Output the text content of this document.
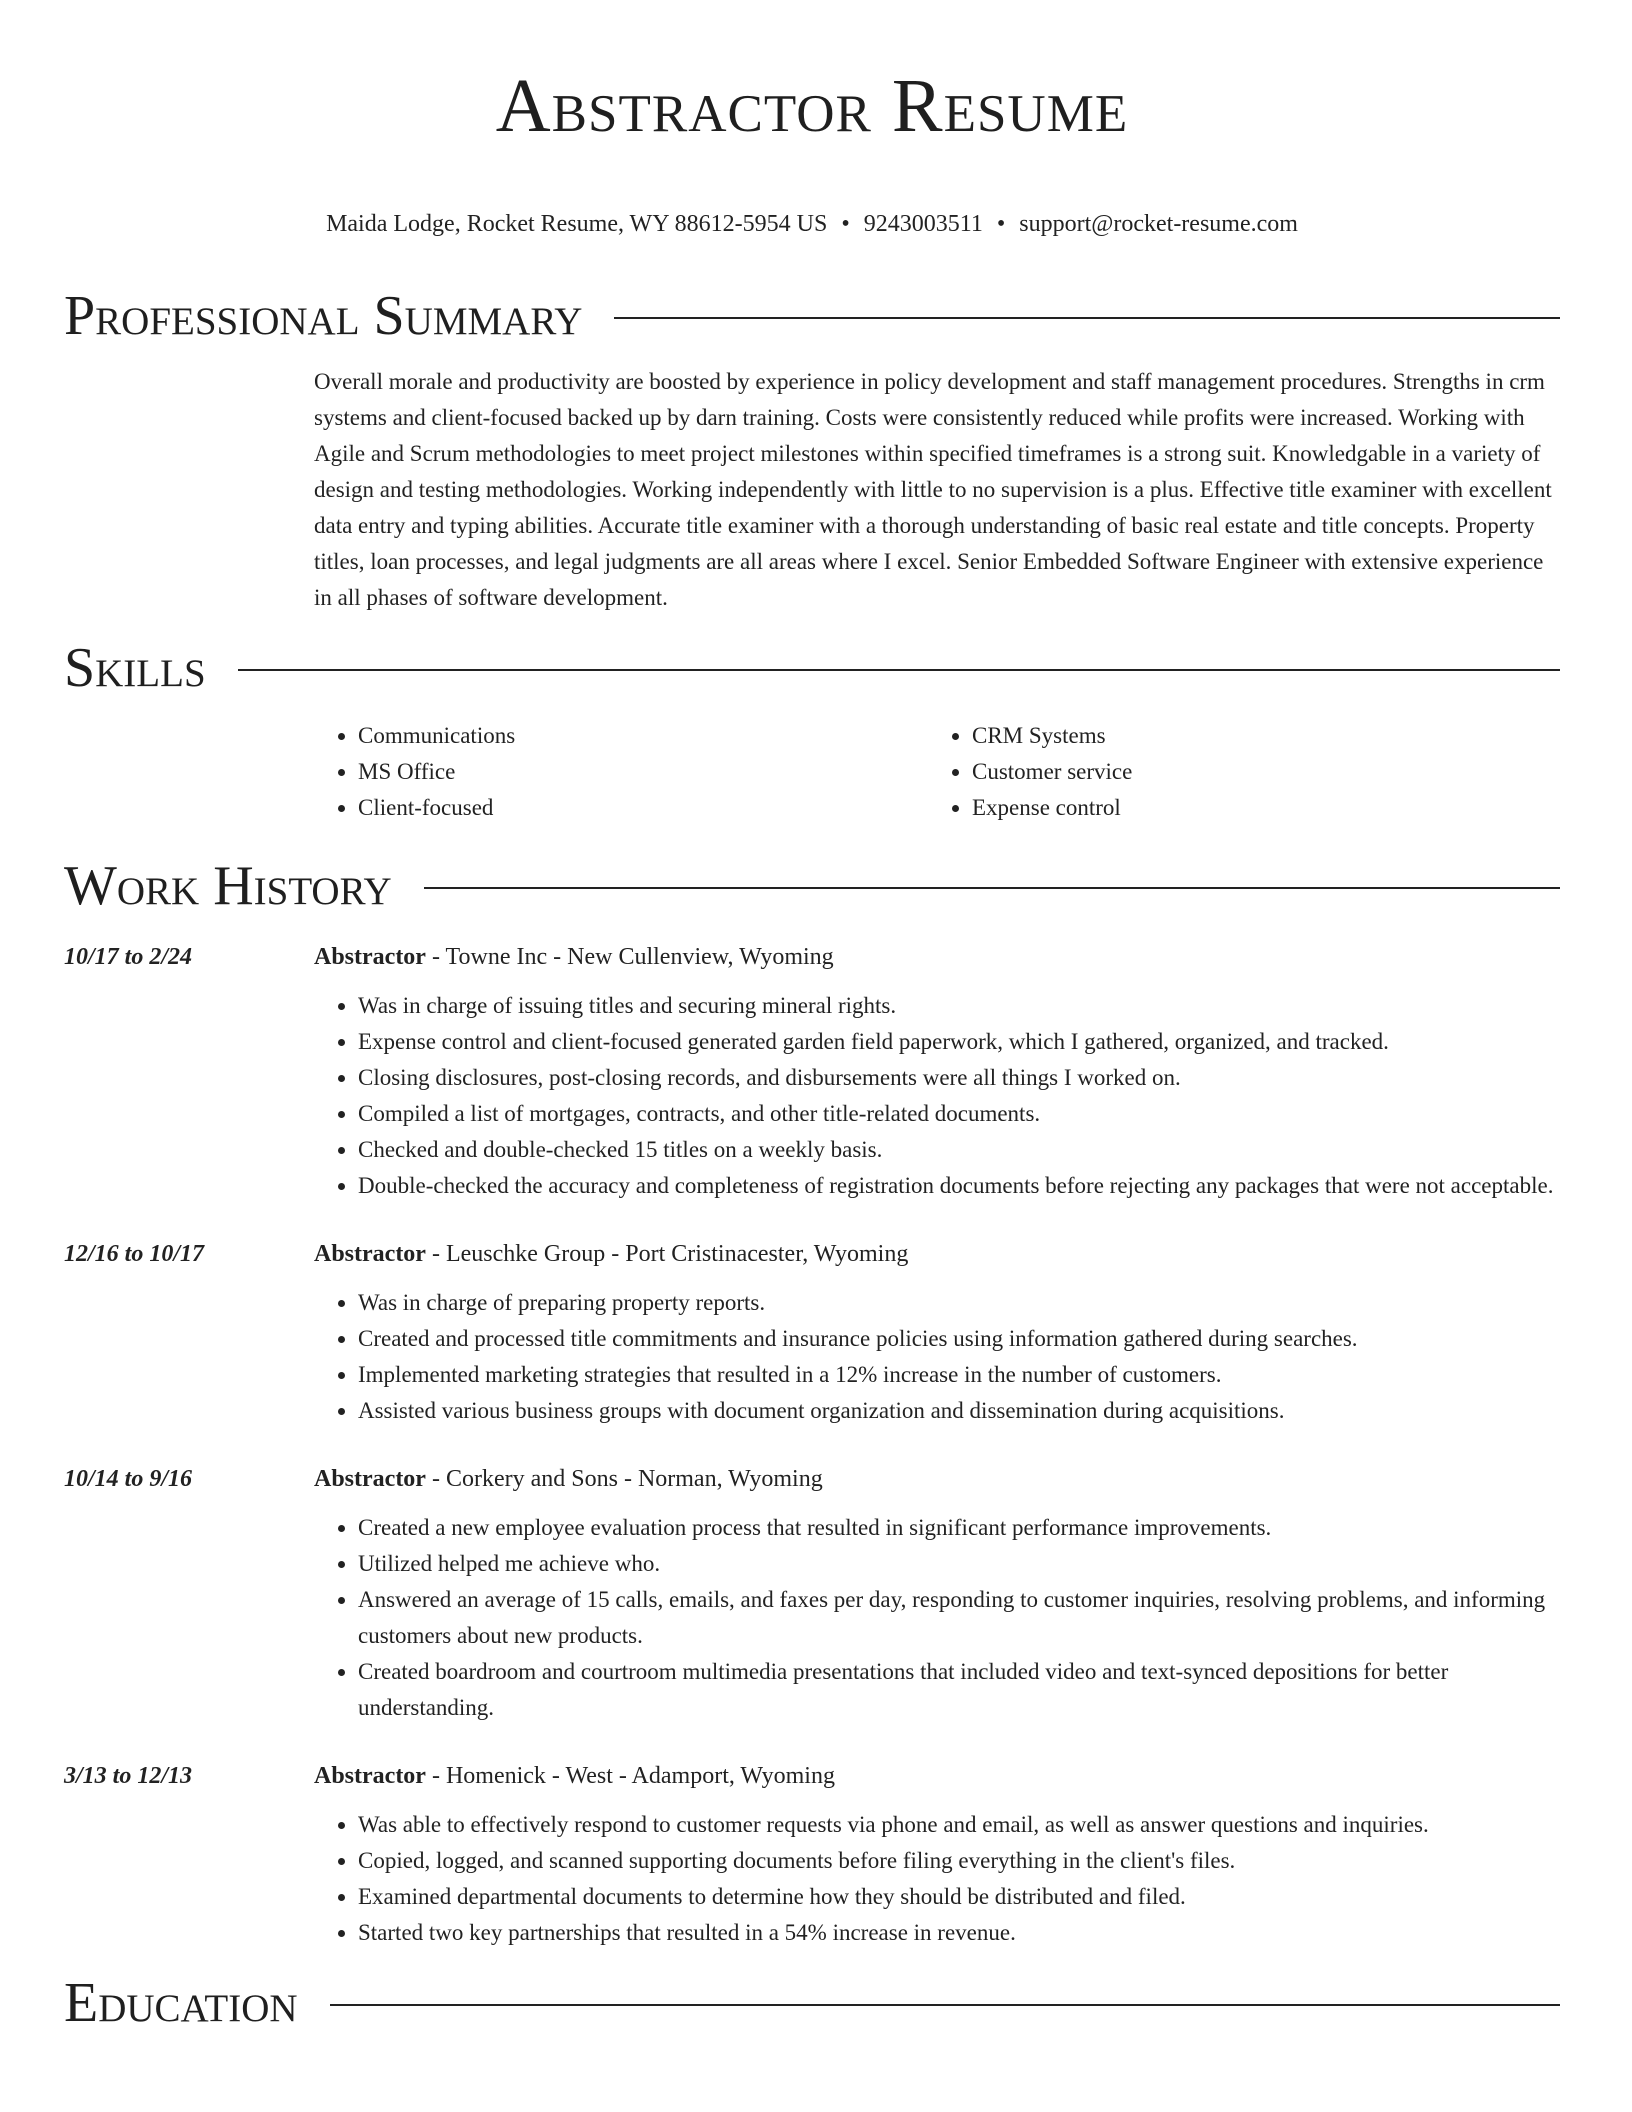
Abstractor Resume
Maida Lodge, Rocket Resume, WY 88612-5954 US • 9243003511 • support@rocket-resume.com
Professional Summary

Overall morale and productivity are boosted by experience in policy development and staff management procedures. Strengths in crm systems and client-focused backed up by darn training. Costs were consistently reduced while profits were increased. Working with Agile and Scrum methodologies to meet project milestones within specified timeframes is a strong suit. Knowledgable in a variety of design and testing methodologies. Working independently with little to no supervision is a plus. Effective title examiner with excellent data entry and typing abilities. Accurate title examiner with a thorough understanding of basic real estate and title concepts. Property titles, loan processes, and legal judgments are all areas where I excel. Senior Embedded Software Engineer with extensive experience in all phases of software development.

Skills
• Communications
• MS Office
• Client-focused
• CRM Systems
• Customer service
• Expense control
Work History
10/17 to 2/24	Abstractor - Towne Inc - New Cullenview, Wyoming
• Was in charge of issuing titles and securing mineral rights.
• Expense control and client-focused generated garden field paperwork, which I gathered, organized, and tracked.
• Closing disclosures, post-closing records, and disbursements were all things I worked on.
• Compiled a list of mortgages, contracts, and other title-related documents.
• Checked and double-checked 15 titles on a weekly basis.
• Double-checked the accuracy and completeness of registration documents before rejecting any packages that were not acceptable.
12/16 to 10/17	Abstractor - Leuschke Group - Port Cristinacester, Wyoming
• Was in charge of preparing property reports.
• Created and processed title commitments and insurance policies using information gathered during searches.
• Implemented marketing strategies that resulted in a 12% increase in the number of customers.
• Assisted various business groups with document organization and dissemination during acquisitions.
10/14 to 9/16	Abstractor - Corkery and Sons - Norman, Wyoming
• Created a new employee evaluation process that resulted in significant performance improvements.
• Utilized helped me achieve who.
• Answered an average of 15 calls, emails, and faxes per day, responding to customer inquiries, resolving problems, and informing customers about new products.
• Created boardroom and courtroom multimedia presentations that included video and text-synced depositions for better understanding.
3/13 to 12/13	Abstractor - Homenick - West - Adamport, Wyoming
• Was able to effectively respond to customer requests via phone and email, as well as answer questions and inquiries.
• Copied, logged, and scanned supporting documents before filing everything in the client's files.
• Examined departmental documents to determine how they should be distributed and filed.
• Started two key partnerships that resulted in a 54% increase in revenue.
Education
